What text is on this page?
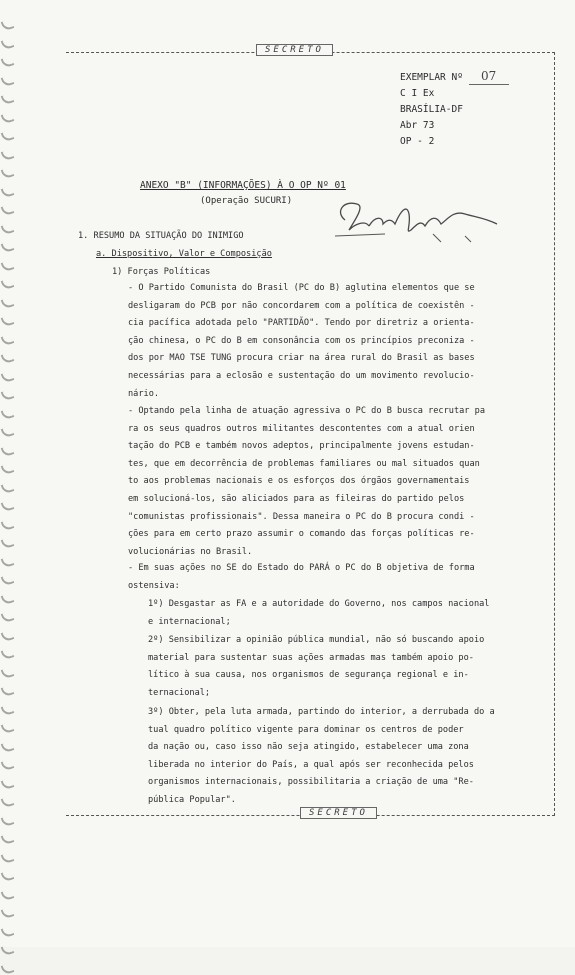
SECRETO
EXEMPLAR Nº 07
C I Ex
BRASÍLIA-DF
Abr 73
OP - 2
ANEXO "B" (INFORMAÇÕES) À O OP Nº 01
(Operação SUCURI)
1. RESUMO DA SITUAÇÃO DO INIMIGO
a. Dispositivo, Valor e Composição
1) Forças Políticas
- O Partido Comunista do Brasil (PC do B) aglutina elementos que se
desligaram do PCB por não concordarem com a política de coexistên -
cia pacífica adotada pelo "PARTIDÃO". Tendo por diretriz a orienta-
ção chinesa, o PC do B em consonância com os princípios preconiza -
dos por MAO TSE TUNG procura criar na área rural do Brasil as bases
necessárias para a eclosão e sustentação do um movimento revolucio-
nário.
- Optando pela linha de atuação agressiva o PC do B busca recrutar pa
ra os seus quadros outros militantes descontentes com a atual orien
tação do PCB e também novos adeptos, principalmente jovens estudan-
tes, que em decorrência de problemas familiares ou mal situados quan
to aos problemas nacionais e os esforços dos órgãos governamentais
em solucioná-los, são aliciados para as fileiras do partido pelos
"comunistas profissionais". Dessa maneira o PC do B procura condi -
ções para em certo prazo assumir o comando das forças políticas re-
volucionárias no Brasil.
- Em suas ações no SE do Estado do PARÁ o PC do B objetiva de forma
ostensiva:
1º) Desgastar as FA e a autoridade do Governo, nos campos nacional
e internacional;
2º) Sensibilizar a opinião pública mundial, não só buscando apoio
material para sustentar suas ações armadas mas também apoio po-
lítico à sua causa, nos organismos de segurança regional e in-
ternacional;
3º) Obter, pela luta armada, partindo do interior, a derrubada do a
tual quadro político vigente para dominar os centros de poder
da nação ou, caso isso não seja atingido, estabelecer uma zona
liberada no interior do País, a qual após ser reconhecida pelos
organismos internacionais, possibilitaria a criação de uma "Re-
pública Popular".
SECRETO
